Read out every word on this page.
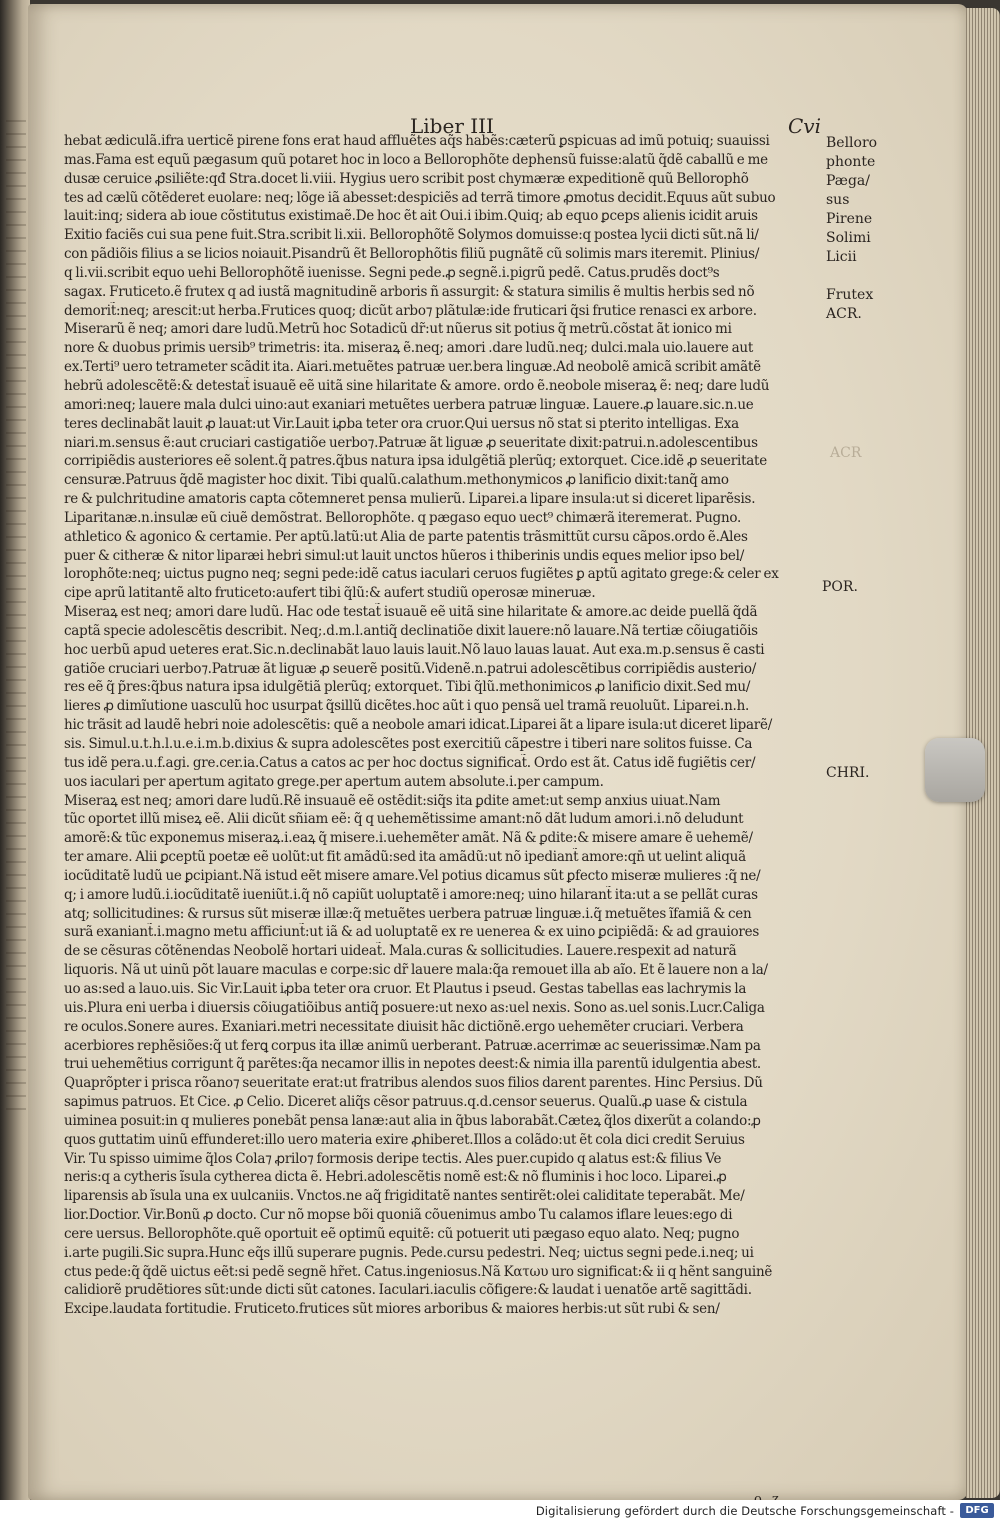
Liber III	Cvi
hebat ædiculã.ifra uerticẽ pirene fons erat haud affluẽtes aq̃s habẽs:cæterũ ꝑspicuas ad imũ potuiq; suauissi
mas.Fama est equũ pægasum quũ potaret hoc in loco a Bellorophõte dephensũ fuisse:alatũ q̃dẽ caballũ e me
dusæ ceruice ꝓsiliẽte:qđ Stra.docet li.viii. Hygius uero scribit post chymæræ expeditionẽ quũ Bellorophõ
tes ad cælũ cõtẽderet euolare: neq; lõge iã abesset:despiciẽs ad terrã timore ꝓmotus decidit.Equus aũt subuo
lauit:inq; sidera ab ioue cõstitutus existimaẽ.De hoc ẽt ait Oui.i ibim.Quiq; ab equo ꝑceps alienis icidit aruis
Exitio faciẽs cui sua pene fuit.Stra.scribit li.xii. Bellorophõtẽ Solymos domuisse:q postea lycii dicti sũt.nã li/
con pãdiõis filius a se licios noiauit.Pisandrũ ẽt Bellorophõtis filiũ pugnãtẽ cũ solimis mars iteremit. Plinius/
q li.vii.scribit equo uehi Bellorophõtẽ iuenisse. Segni pede.ꝓ segnẽ.i.pigrũ pedẽ. Catus.prudẽs doct⁹s
sagax. Fruticeto.ẽ frutex q ad iustã magnitudinẽ arboris ñ assurgit: & statura similis ẽ multis herbis sed nõ
demorit̃:neq; arescit:ut herba.Frutices quoq; dicũt arbo⁊ plãtulæ:ide fruticari q̃si frutice renasci ex arbore.
Miserarũ ẽ neq; amori dare ludũ.Metrũ hoc Sotadicũ dr̃:ut nũerus sit potius q̃ metrũ.cõstat ãt ionico mi
nore & duobus primis uersib⁹ trimetris: ita. miseraꝝ ẽ.neq; amori .dare ludũ.neq; dulci.mala uio.lauere aut
ex.Terti⁹ uero tetrameter scãdit ita. Aiari.metuẽtes patruæ uer.bera linguæ.Ad neobolẽ amicã scribit amãtẽ
hebrũ adolescẽtẽ:& detestat̃ isuauẽ eẽ uitã sine hilaritate & amore. ordo ẽ.neobole miseraꝝ ẽ: neq; dare ludũ
amori:neq; lauere mala dulci uino:aut exaniari metuẽtes uerbera patruæ linguæ. Lauere.ꝓ lauare.sic.n.ue
teres declinabãt lauit ꝓ lauat:ut Vir.Lauit iꝓba teter ora cruor.Qui uersus nõ stat si pterito intelligas. Exa
niari.m.sensus ẽ:aut cruciari castigatiõe uerbo⁊.Patruæ ãt liguæ ꝓ seueritate dixit:patrui.n.adolescentibus
corripiẽdis austeriores eẽ solent.q̃ patres.q̃bus natura ipsa idulgẽtiã plerũq; extorquet. Cice.idẽ ꝓ seueritate
censuræ.Patruus q̃dẽ magister hoc dixit. Tibi qualũ.calathum.methonymicos ꝓ lanificio dixit:tanq̃ amo
re & pulchritudine amatoris capta cõtemneret pensa mulierũ. Liparei.a lipare insula:ut si diceret liparẽsis.
Liparitanæ.n.insulæ eũ ciuẽ demõstrat. Bellorophõte. q pægaso equo uect⁹ chimærã iteremerat. Pugno.
athletico & agonico & certamie. Per aptũ.latũ:ut Alia de parte patentis trãsmittũt cursu cãpos.ordo ẽ.Ales
puer & citheræ & nitor liparæi hebri simul:ut lauit unctos hũeros i thiberinis undis eques melior ipso bel/
lorophõte:neq; uictus pugno neq; segni pede:idẽ catus iaculari ceruos fugiẽtes ꝑ aptũ agitato grege:& celer ex
cipe aprũ latitantẽ alto fruticeto:aufert tibi q̃lũ:& aufert studiũ operosæ mineruæ.
Miseraꝝ est neq; amori dare ludũ. Hac ode testat̃ isuauẽ eẽ uitã sine hilaritate & amore.ac deide puellã q̃dã
captã specie adolescẽtis describit. Neq;.d.m.l.antiq̃ declinatiõe dixit lauere:nõ lauare.Nã tertiæ cõiugatiõis
hoc uerbũ apud ueteres erat.Sic.n.declinabãt lauo lauis lauit.Nõ lauo lauas lauat. Aut exa.m.p.sensus ẽ casti
gatiõe cruciari uerbo⁊.Patruæ ãt liguæ ꝓ seuerẽ positũ.Videnẽ.n.patrui adolescẽtibus corripiẽdis austerio/
res eẽ q̃ p̃res:q̃bus natura ipsa idulgẽtiã plerũq; extorquet. Tibi q̃lũ.methonimicos ꝓ lanificio dixit.Sed mu/
lieres ꝓ dimĩutione uasculũ hoc usurpat q̃sillũ dicẽtes.hoc aũt i quo pensã uel tramã reuoluũt. Liparei.n.h.
hic trãsit ad laudẽ hebri noie adolescẽtis: quẽ a neobole amari idicat.Liparei ãt a lipare isula:ut diceret liparẽ/
sis. Simul.u.t.h.l.u.e.i.m.b.dixius & supra adolescẽtes post exercitiũ cãpestre i tiberi nare solitos fuisse. Ca
tus idẽ pera.u.f.agi. gre.cer.ia.Catus a catos ac per hoc doctus significat̃. Ordo est ãt. Catus idẽ fugiẽtis cer/
uos iaculari per apertum agitato grege.per apertum autem absolute.i.per campum.
Miseraꝝ est neq; amori dare ludũ.Rẽ insuauẽ eẽ ostẽdit:siq̃s ita ꝑdite amet:ut semp anxius uiuat.Nam
tũc oportet illũ miseꝝ eẽ. Alii dicũt sñiam eẽ: q̃ q uehemẽtissime amant:nõ dãt ludum amori.i.nõ deludunt
amorẽ:& tũc exponemus miseraꝝ.i.eaꝝ q̃ misere.i.uehemẽter amãt. Nã & ꝑdite:& misere amare ẽ uehemẽ/
ter amare. Alii ꝑceptũ poetæ eẽ uolũt:ut fit amãdũ:sed ita amãdũ:ut nõ ipediant̃ amore:qn̄ ut uelint aliquã
iocũditatẽ ludũ ue ꝑcipiant.Nã istud eẽt misere amare.Vel potius dicamus sũt ꝑfecto miseræ mulieres :q̃ ne/
q; i amore ludũ.i.iocũditatẽ iueniũt.i.q̃ nõ capiũt uoluptatẽ i amore:neq; uino hilarant̃ ita:ut a se pellãt curas
atq; sollicitudines: & rursus sũt miseræ illæ:q̃ metuẽtes uerbera patruæ linguæ.i.q̃ metuẽtes ĩfamiã & cen
surã exaniant̃.i.magno metu afficiunt̃:ut iã & ad uoluptatẽ ex re uenerea & ex uino ꝑcipiẽdã: & ad grauiores
de se cẽsuras cõtẽnendas Neobolẽ hortari uideat̃. Mala.curas & sollicitudies. Lauere.respexit ad naturã
liquoris. Nã ut uinũ põt lauare maculas e corpe:sic dr̃ lauere mala:q̃a remouet illa ab aĩo. Et ẽ lauere non a la/
uo as:sed a lauo.uis. Sic Vir.Lauit iꝓba teter ora cruor. Et Plautus i pseud. Gestas tabellas eas lachrymis la
uis.Plura eni uerba i diuersis cõiugatiõibus antiq̃ posuere:ut nexo as:uel nexis. Sono as.uel sonis.Lucr.Caliga
re oculos.Sonere aures. Exaniari.metri necessitate diuisit hãc dictiõnẽ.ergo uehemẽter cruciari. Verbera
acerbiores rephẽsiões:q̃ ut ferꝗ corpus ita illæ animũ uerberant. Patruæ.acerrimæ ac seuerissimæ.Nam pa
trui uehemẽtius corrigunt q̃ parẽtes:q̃a necamor illis in nepotes deest:& nimia illa parentũ idulgentia abest.
Quaprõpter i prisca rõano⁊ seueritate erat:ut fratribus alendos suos filios darent parentes. Hinc Persius. Dũ
sapimus patruos. Et Cice. ꝓ Celio. Diceret aliq̃s cẽsor patruus.q.d.censor seuerus. Qualũ.ꝓ uase & cistula
uiminea posuit:in q mulieres ponebãt pensa lanæ:aut alia in q̃bus laborabãt.Cæteꝝ q̃los dixerũt a colando:ꝓ
quos guttatim uinũ effunderet:illo uero materia exire ꝓhiberet.Illos a colãdo:ut ẽt cola dici credit Seruius
Vir. Tu spisso uimime q̃los Cola⁊ ꝓrilo⁊ formosis deripe tectis. Ales puer.cupido q alatus est:& filius Ve
neris:q a cytheris ĩsula cytherea dicta ẽ. Hebri.adolescẽtis nomẽ est:& nõ fluminis i hoc loco. Liparei.ꝓ
liparensis ab ĩsula una ex uulcaniis. Vnctos.ne aq̃ frigiditatẽ nantes sentirẽt:olei caliditate teperabãt. Me/
lior.Doctior. Vir.Bonũ ꝓ docto. Cur nõ mopse bõi quoniã cõuenimus ambo Tu calamos iflare leues:ego di
cere uersus. Bellorophõte.quẽ oportuit eẽ optimũ equitẽ: cũ potuerit uti pægaso equo alato. Neq; pugno
i.arte pugili.Sic supra.Hunc eq̃s illũ superare pugnis. Pede.cursu pedestri. Neq; uictus segni pede.i.neq; ui
ctus pede:q̃ q̃dẽ uictus eẽt:si pedẽ segnẽ hr̃et. Catus.ingeniosus.Nã Κατωυ uro significat:& ii q hẽnt sanguinẽ
calidiorẽ prudẽtiores sũt:unde dicti sũt catones. Iaculari.iaculis cõfigere:& laudat i uenatõe artẽ sagittãdi.
Excipe.laudata fortitudie. Fruticeto.frutices sũt miores arboribus & maiores herbis:ut sũt rubi & sen/
Belloro
phonte
Pæga/
sus
Pirene
Solimi
Licii
Frutex
ACR.
ACR
POR.
CHRI.
Digitalisierung gefördert durch die Deutsche Forschungsgemeinschaft -	DFG
